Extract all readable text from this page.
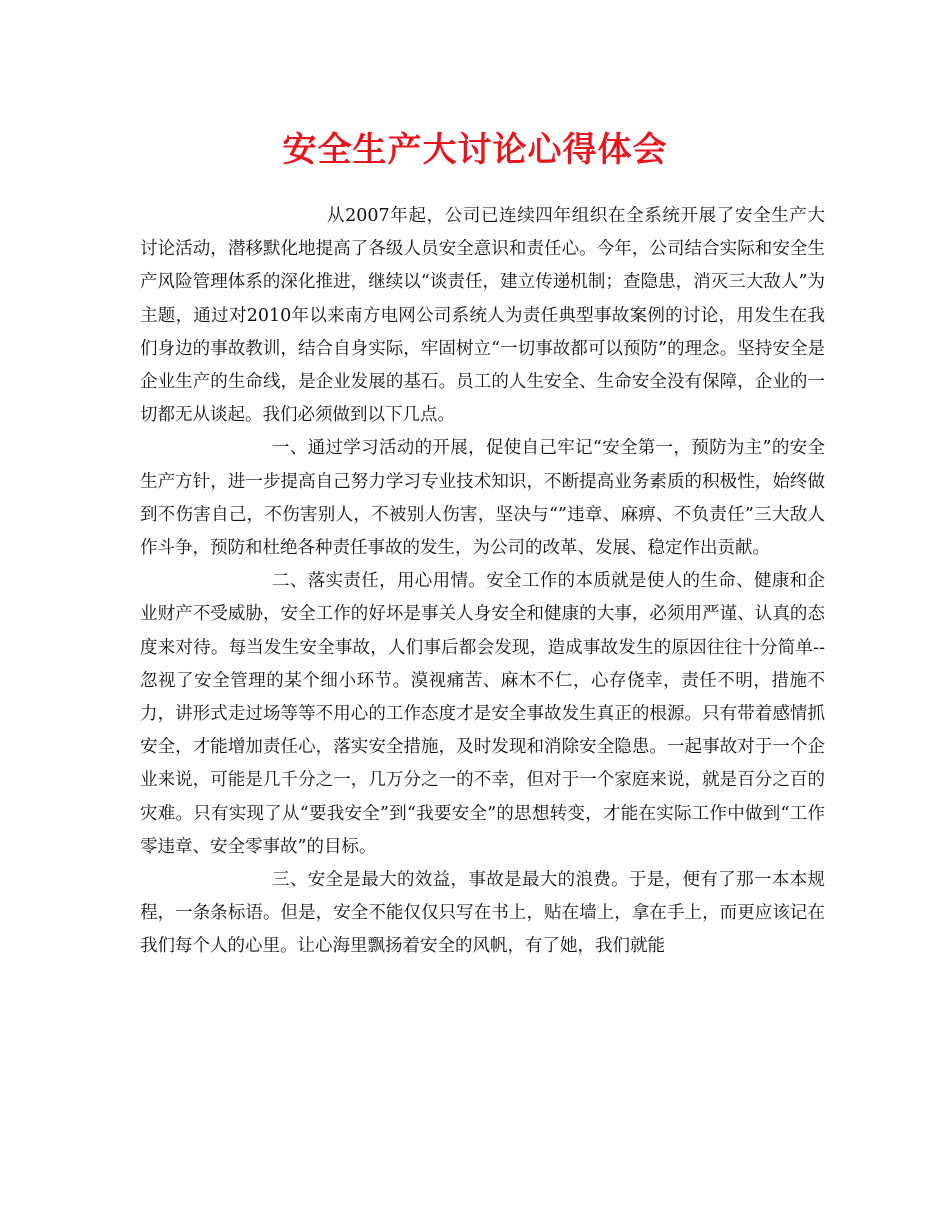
安全生产大讨论心得体会

从2007年起，公司已连续四年组织在全系统开展了安全生产大讨论活动，潜移默化地提高了各级人员安全意识和责任心。今年，公司结合实际和安全生产风险管理体系的深化推进，继续以“谈责任，建立传递机制；查隐患，消灭三大敌人”为主题，通过对2010年以来南方电网公司系统人为责任典型事故案例的讨论，用发生在我们身边的事故教训，结合自身实际，牢固树立“一切事故都可以预防”的理念。坚持安全是企业生产的生命线，是企业发展的基石。员工的人生安全、生命安全没有保障，企业的一切都无从谈起。我们必须做到以下几点。

一、通过学习活动的开展，促使自己牢记“安全第一，预防为主”的安全生产方针，进一步提高自己努力学习专业技术知识，不断提高业务素质的积极性，始终做到不伤害自己，不伤害别人，不被别人伤害，坚决与“”违章、麻痹、不负责任”三大敌人作斗争，预防和杜绝各种责任事故的发生，为公司的改革、发展、稳定作出贡献。

二、落实责任，用心用情。安全工作的本质就是使人的生命、健康和企业财产不受威胁，安全工作的好坏是事关人身安全和健康的大事，必须用严谨、认真的态度来对待。每当发生安全事故，人们事后都会发现，造成事故发生的原因往往十分简单--忽视了安全管理的某个细小环节。漠视痛苦、麻木不仁，心存侥幸，责任不明，措施不力，讲形式走过场等等不用心的工作态度才是安全事故发生真正的根源。只有带着感情抓安全，才能增加责任心，落实安全措施，及时发现和消除安全隐患。一起事故对于一个企业来说，可能是几千分之一，几万分之一的不幸，但对于一个家庭来说，就是百分之百的灾难。只有实现了从“要我安全”到“我要安全”的思想转变，才能在实际工作中做到“工作零违章、安全零事故”的目标。

三、安全是最大的效益，事故是最大的浪费。于是，便有了那一本本规程，一条条标语。但是，安全不能仅仅只写在书上，贴在墙上，拿在手上，而更应该记在我们每个人的心里。让心海里飘扬着安全的风帆，有了她，我们就能
